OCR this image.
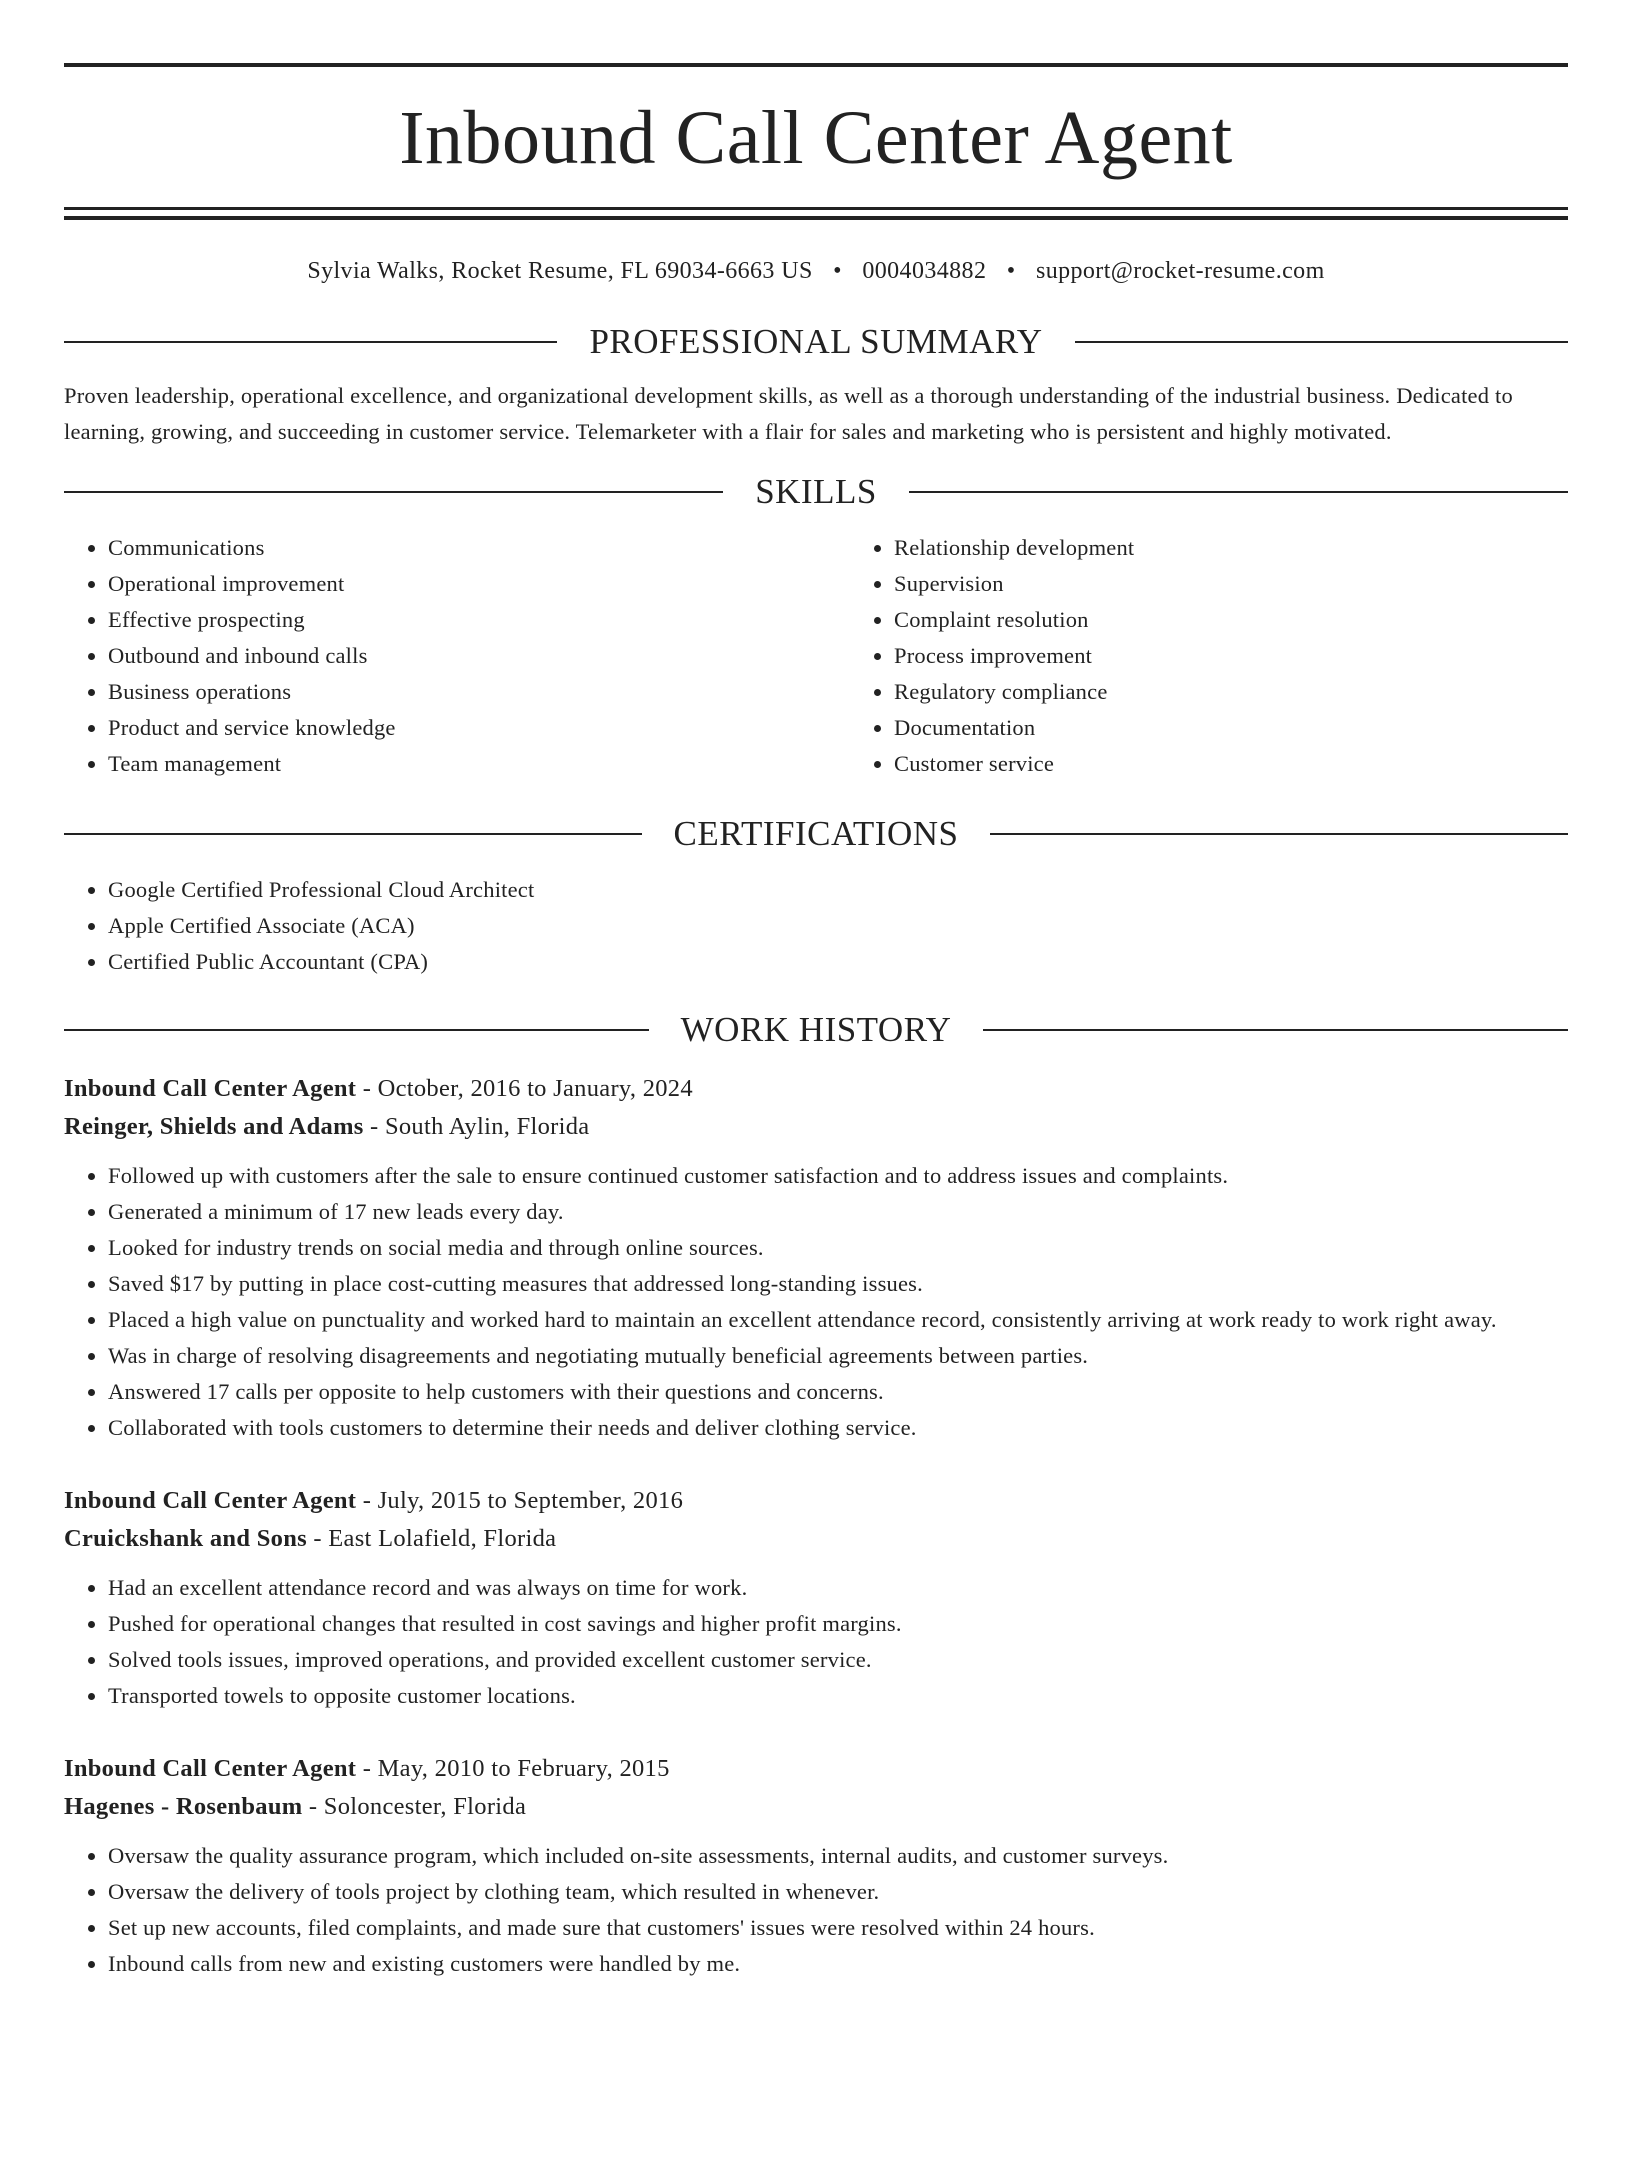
Inbound Call Center Agent
Sylvia Walks, Rocket Resume, FL 69034-6663 US • 0004034882 • support@rocket-resume.com
PROFESSIONAL SUMMARY

Proven leadership, operational excellence, and organizational development skills, as well as a thorough understanding of the industrial business. Dedicated to learning, growing, and succeeding in customer service. Telemarketer with a flair for sales and marketing who is persistent and highly motivated.

SKILLS
• Communications
• Operational improvement
• Effective prospecting
• Outbound and inbound calls
• Business operations
• Product and service knowledge
• Team management
• Relationship development
• Supervision
• Complaint resolution
• Process improvement
• Regulatory compliance
• Documentation
• Customer service
CERTIFICATIONS
• Google Certified Professional Cloud Architect
• Apple Certified Associate (ACA)
• Certified Public Accountant (CPA)
WORK HISTORY
Inbound Call Center Agent - October, 2016 to January, 2024
Reinger, Shields and Adams - South Aylin, Florida
• Followed up with customers after the sale to ensure continued customer satisfaction and to address issues and complaints.
• Generated a minimum of 17 new leads every day.
• Looked for industry trends on social media and through online sources.
• Saved $17 by putting in place cost-cutting measures that addressed long-standing issues.
• Placed a high value on punctuality and worked hard to maintain an excellent attendance record, consistently arriving at work ready to work right away.
• Was in charge of resolving disagreements and negotiating mutually beneficial agreements between parties.
• Answered 17 calls per opposite to help customers with their questions and concerns.
• Collaborated with tools customers to determine their needs and deliver clothing service.
Inbound Call Center Agent - July, 2015 to September, 2016
Cruickshank and Sons - East Lolafield, Florida
• Had an excellent attendance record and was always on time for work.
• Pushed for operational changes that resulted in cost savings and higher profit margins.
• Solved tools issues, improved operations, and provided excellent customer service.
• Transported towels to opposite customer locations.
Inbound Call Center Agent - May, 2010 to February, 2015
Hagenes - Rosenbaum - Soloncester, Florida
• Oversaw the quality assurance program, which included on-site assessments, internal audits, and customer surveys.
• Oversaw the delivery of tools project by clothing team, which resulted in whenever.
• Set up new accounts, filed complaints, and made sure that customers' issues were resolved within 24 hours.
• Inbound calls from new and existing customers were handled by me.
